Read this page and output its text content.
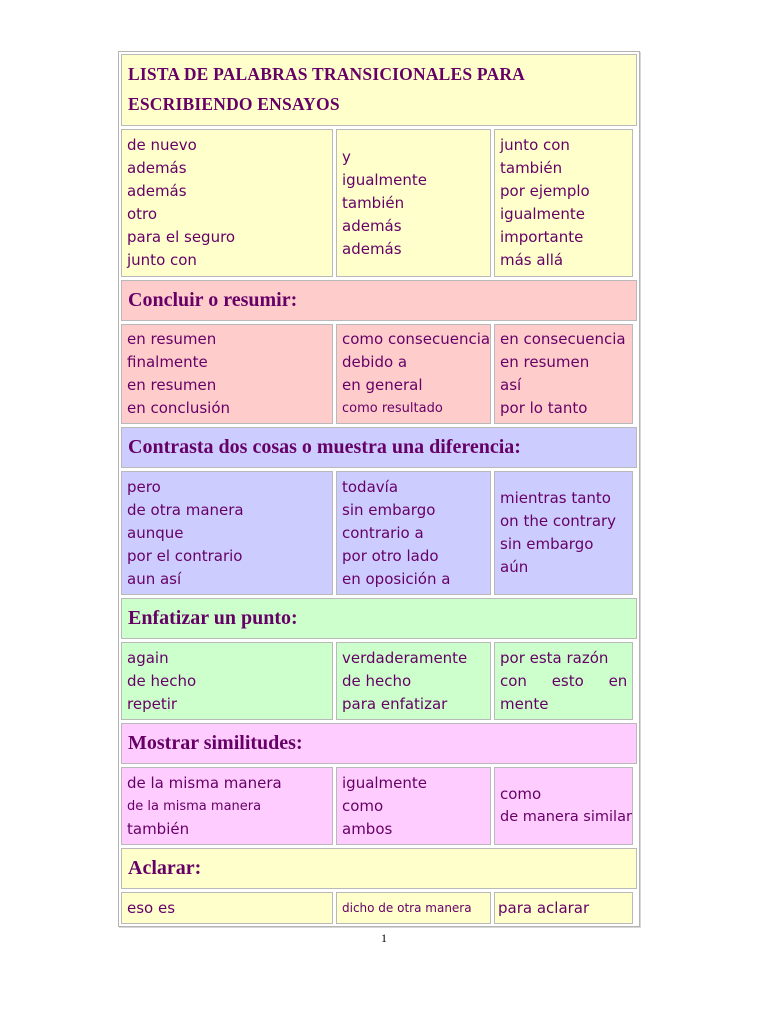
LISTA DE PALABRAS TRANSICIONALES PARA
ESCRIBIENDO ENSAYOS
de nuevo
además
además
otro
para el seguro
junto con
y
igualmente
también
además
además
junto con
también
por ejemplo
igualmente
importante
más allá
Concluir o resumir:
en resumen
finalmente
en resumen
en conclusión
como consecuencia
debido a
en general
como resultado
en consecuencia
en resumen
así
por lo tanto
Contrasta dos cosas o muestra una diferencia:
pero
de otra manera
aunque
por el contrario
aun así
todavía
sin embargo
contrario a
por otro lado
en oposición a
mientras tanto
on the contrary
sin embargo
aún
Enfatizar un punto:
again
de hecho
repetir
verdaderamente
de hecho
para enfatizar
por esta razón
con esto en
mente
Mostrar similitudes:
de la misma manera
de la misma manera
también
igualmente
como
ambos
como
de manera similar
Aclarar:
eso es	dicho de otra manera	para aclarar
1
